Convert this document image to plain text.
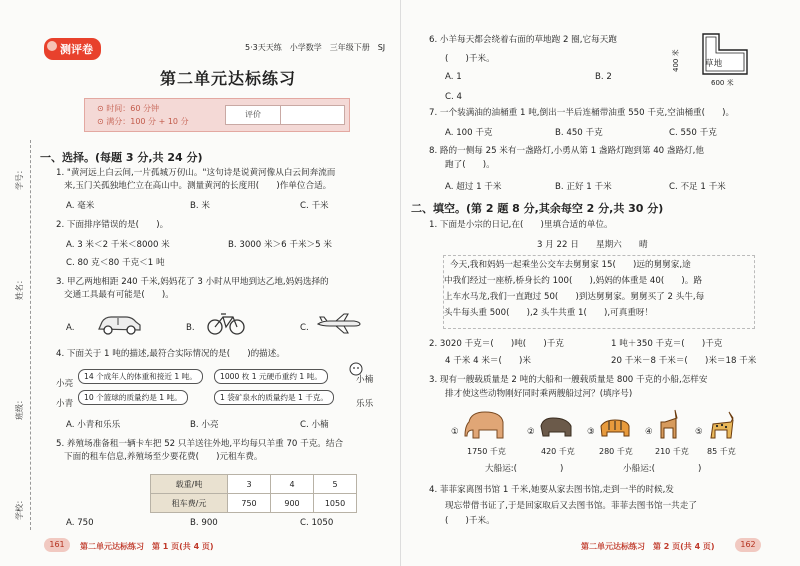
测评卷	5·3天天练　小学数学　三年级下册　SJ
第二单元达标练习
⊙ 时间：60 分钟
⊙ 满分：100 分 + 10 分
评价
学校：
班级：
姓名：
学号：
一、选择。(每题 3 分,共 24 分)
1. "黄河远上白云间,一片孤城万仞山。"这句诗是说黄河像从白云间奔流而
来,玉门关孤独地伫立在高山中。测量黄河的长度用(　　)作单位合适。
A. 毫米	B. 米	C. 千米
2. 下面排序错误的是(　　)。
A. 3 米＜2 千米＜8000 米	B. 3000 米＞6 千米＞5 米
C. 80 克＜80 千克＜1 吨
3. 甲乙两地相距 240 千米,妈妈花了 3 小时从甲地到达乙地,妈妈选择的
交通工具最有可能是(　　)。
A.	B.	C.
4. 下面关于 1 吨的描述,最符合实际情况的是(　　)的描述。
小亮
14 个成年人的体重和接近 1 吨。	1000 枚 1 元硬币重约 1 吨。	小楠
小青
10 个篮球的质量约是 1 吨。	1 袋矿泉水的质量约是 1 千克。
乐乐
A. 小青和乐乐	B. 小亮	C. 小楠
5. 养殖场准备租一辆卡车把 52 只羊送往外地,平均每只羊重 70 千克。结合
下面的租车信息,养殖场至少要花费(　　)元租车费。
载重/吨	3	4	5
租车费/元	750	900	1050
A. 750	B. 900	C. 1050
161	第二单元达标练习　第 1 页(共 4 页)
6. 小羊每天都会绕着右面的草地跑 2 圈,它每天跑
(　　)千米。
A. 1	B. 2
C. 4
草地
400 米
600 米
7. 一个装满油的油桶重 1 吨,倒出一半后连桶带油重 550 千克,空油桶重(　　)。
A. 100 千克	B. 450 千克	C. 550 千克
8. 路的一侧每 25 米有一盏路灯,小勇从第 1 盏路灯跑到第 40 盏路灯,他
跑了(　　)。
A. 超过 1 千米	B. 正好 1 千米	C. 不足 1 千米
二、填空。(第 2 题 8 分,其余每空 2 分,共 30 分)
1. 下面是小宗的日记,在(　　)里填合适的单位。
3 月 22 日　　星期六　　晴
今天,我和妈妈一起乘坐公交车去舅舅家 15(　　)远的舅舅家,途
中我们经过一座桥,桥身长约 100(　　),妈妈的体重是 40(　　)。路
上车水马龙,我们一直跑过 50(　　)到达舅舅家。舅舅买了 2 头牛,每
头牛每头重 500(　　),2 头牛共重 1(　　),可真重呀！
2. 3020 千克＝(　　)吨(　　)千克	1 吨＋350 千克＝(　　)千克
4 千米 4 米＝(　　)米	20 千米－8 千米＝(　　)米＝18 千米
3. 现有一艘载质量是 2 吨的大船和一艘载质量是 800 千克的小船,怎样安
排才使这些动物刚好同时乘两艘船过河？(填序号)
①
1750 千克
②
420 千克
③
280 千克
④
210 千克
⑤
85 千克
大船运:(　　　　　)	小船运:(　　　　　)
4. 菲菲家离图书馆 1 千米,她要从家去图书馆,走到一半的时候,发
现忘带借书证了,于是回家取后又去图书馆。菲菲去图书馆一共走了
(　　)千米。
第二单元达标练习　第 2 页(共 4 页)	162
